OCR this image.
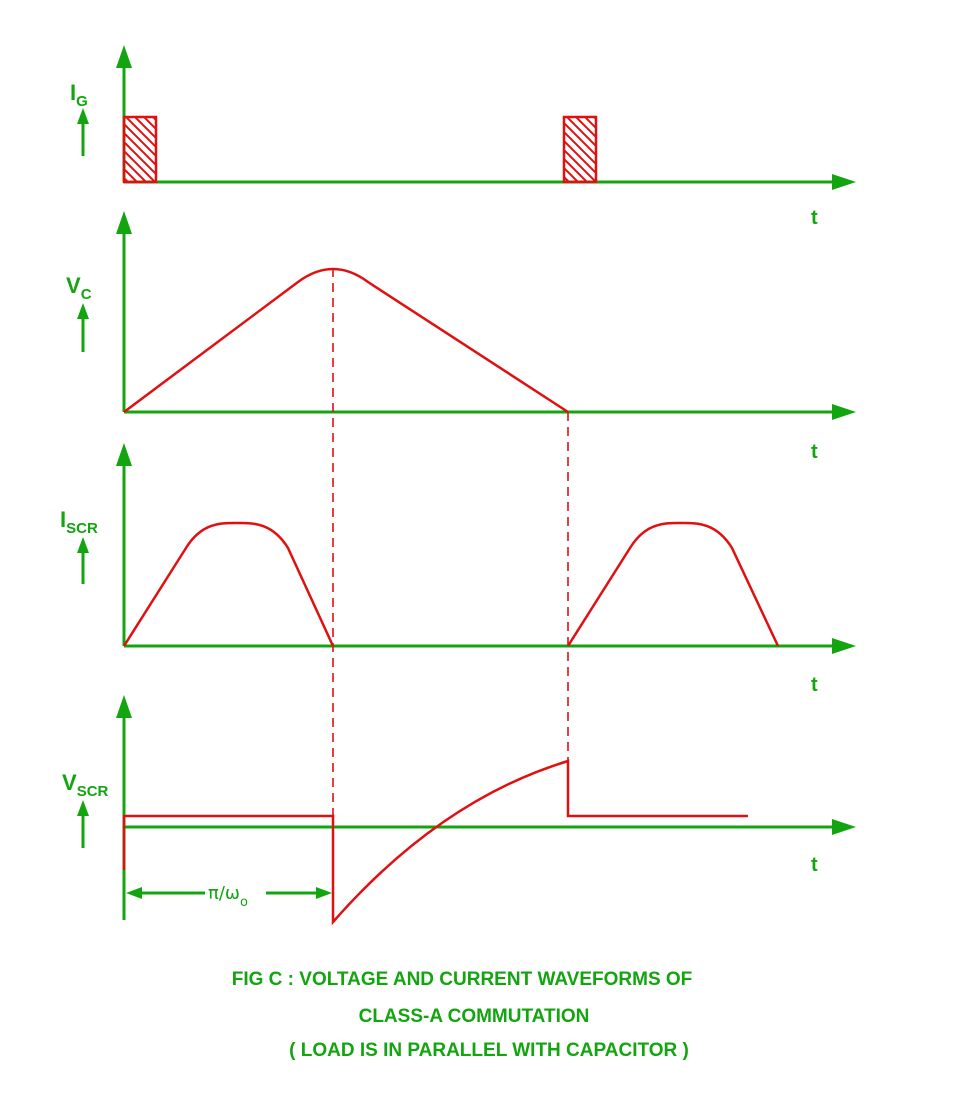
$I_G$
t
$V_C$
t
$I_{SCR}$
t
$V_{SCR}$
t
$\pi/\omega_o$
FIG C : VOLTAGE AND CURRENT WAVEFORMS OF
CLASS-A COMMUTATION
( LOAD IS IN PARALLEL WITH CAPACITOR )
